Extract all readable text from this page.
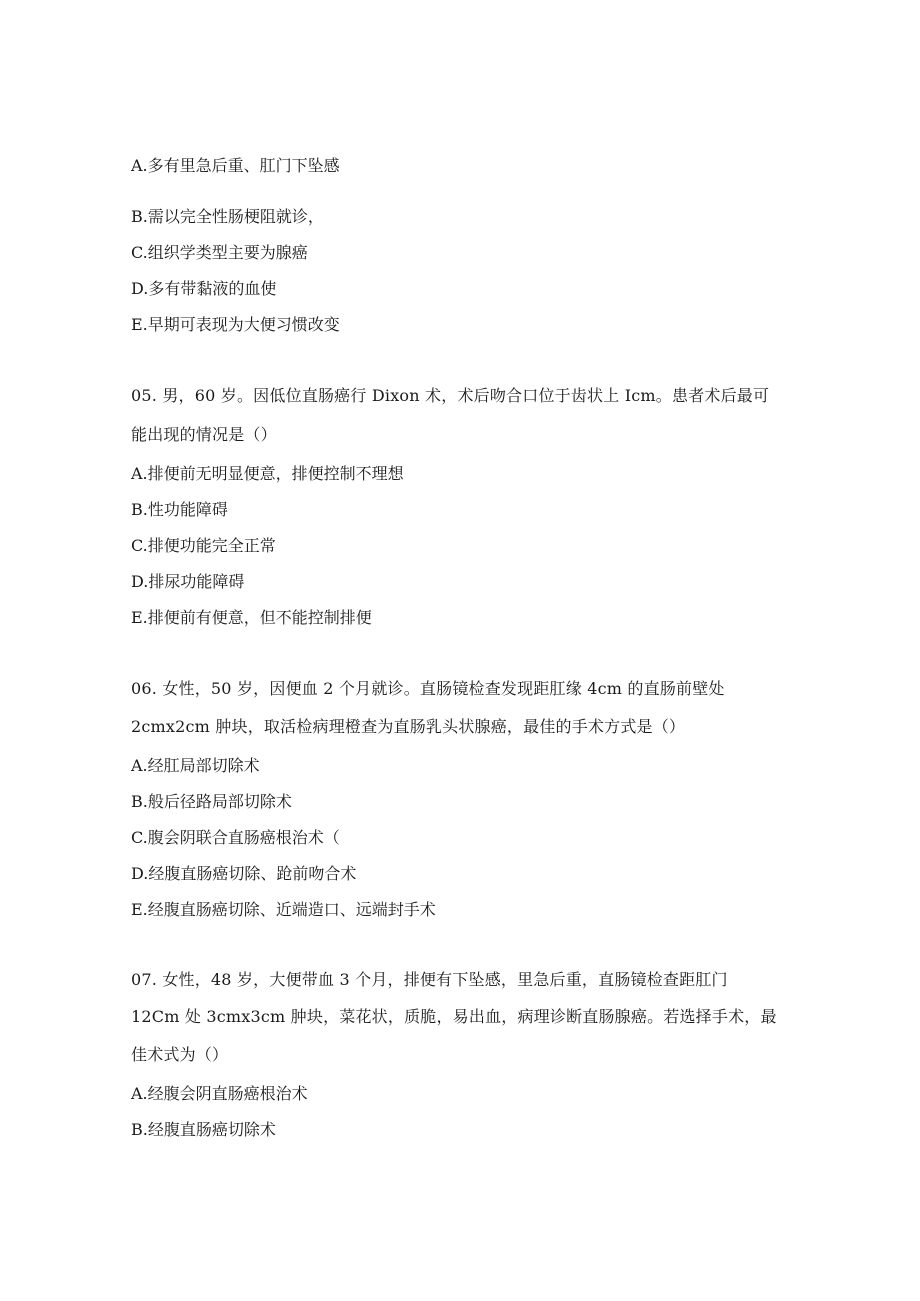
A.多有里急后重、肛门下坠感
B.需以完全性肠梗阻就诊，
C.组织学类型主要为腺癌
D.多有带黏液的血使
E.早期可表现为大便习惯改变
05. 男，60 岁。因低位直肠癌行 Dixon 术，术后吻合口位于齿状上 Icm。患者术后最可
能出现的情况是（）
A.排便前无明显便意，排便控制不理想
B.性功能障碍
C.排便功能完全正常
D.排尿功能障碍
E.排便前有便意，但不能控制排便
06. 女性，50 岁，因便血 2 个月就诊。直肠镜检查发现距肛缘 4cm 的直肠前壁处
2cmx2cm 肿块，取活检病理橙查为直肠乳头状腺癌，最佳的手术方式是（）
A.经肛局部切除术
B.般后径路局部切除术
C.腹会阴联合直肠癌根治术（
D.经腹直肠癌切除、跄前吻合术
E.经腹直肠癌切除、近端造口、远端封手术
07. 女性，48 岁，大便带血 3 个月，排便有下坠感，里急后重，直肠镜检查距肛门
12Cm 处 3cmx3cm 肿块，菜花状，质脆，易出血，病理诊断直肠腺癌。若选择手术，最
佳术式为（）
A.经腹会阴直肠癌根治术
B.经腹直肠癌切除术
